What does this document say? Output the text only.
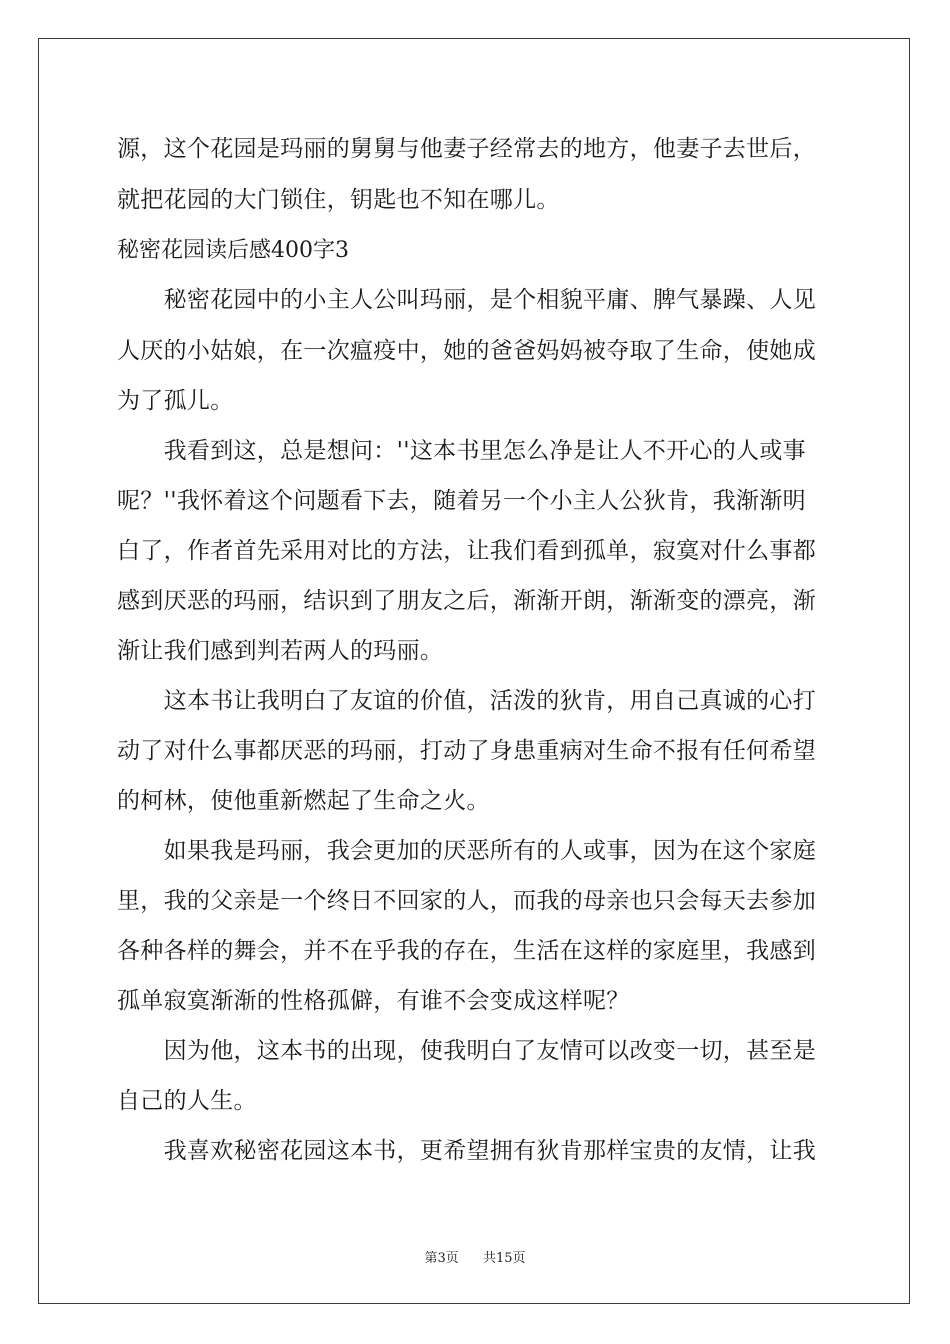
源，这个花园是玛丽的舅舅与他妻子经常去的地方，他妻子去世后，
就把花园的大门锁住，钥匙也不知在哪儿。
秘密花园读后感400字3
　　秘密花园中的小主人公叫玛丽，是个相貌平庸、脾气暴躁、人见
人厌的小姑娘，在一次瘟疫中，她的爸爸妈妈被夺取了生命，使她成
为了孤儿。
　　我看到这，总是想问：''这本书里怎么净是让人不开心的人或事
呢？''我怀着这个问题看下去，随着另一个小主人公狄肯，我渐渐明
白了，作者首先采用对比的方法，让我们看到孤单，寂寞对什么事都
感到厌恶的玛丽，结识到了朋友之后，渐渐开朗，渐渐变的漂亮，渐
渐让我们感到判若两人的玛丽。
　　这本书让我明白了友谊的价值，活泼的狄肯，用自己真诚的心打
动了对什么事都厌恶的玛丽，打动了身患重病对生命不报有任何希望
的柯林，使他重新燃起了生命之火。
　　如果我是玛丽，我会更加的厌恶所有的人或事，因为在这个家庭
里，我的父亲是一个终日不回家的人，而我的母亲也只会每天去参加
各种各样的舞会，并不在乎我的存在，生活在这样的家庭里，我感到
孤单寂寞渐渐的性格孤僻，有谁不会变成这样呢？
　　因为他，这本书的出现，使我明白了友情可以改变一切，甚至是
自己的人生。
　　我喜欢秘密花园这本书，更希望拥有狄肯那样宝贵的友情，让我
第3页 共15页
